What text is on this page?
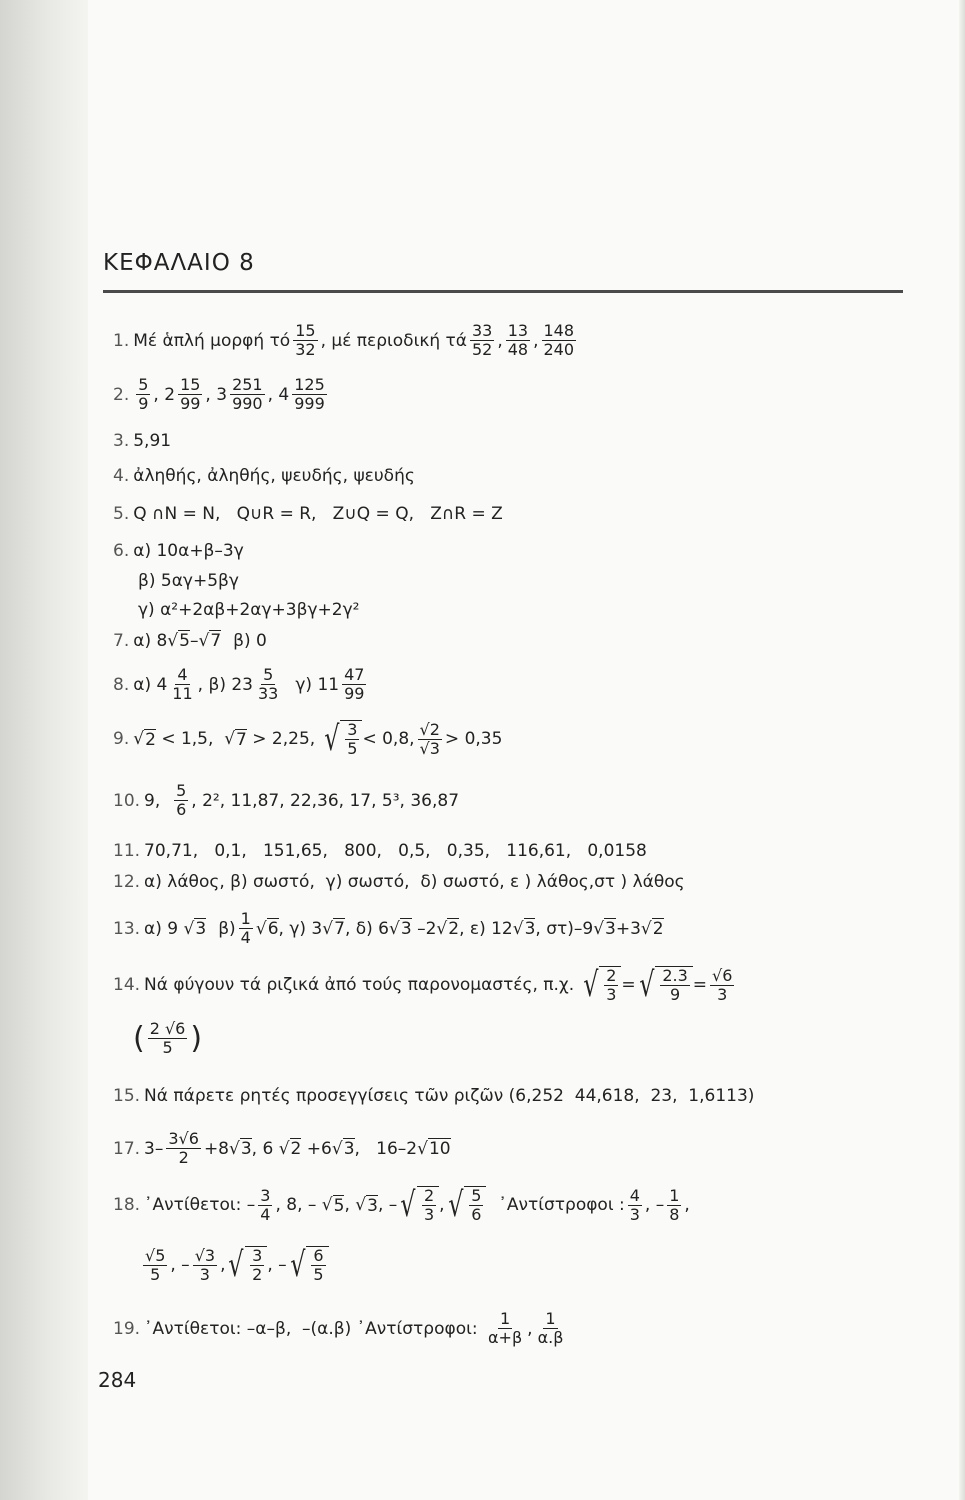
ΚΕΦΑΛΑΙΟ 8
1. Μέ ἁπλή μορφή τό $\frac{15}{32}$ , μέ περιοδική τά $\frac{33}{52}$ , $\frac{13}{48}$ , $\frac{148}{240}$
2. $\frac{5}{9}$ , $2 \frac{15}{99}$ , $3 \frac{251}{990}$ , $4 \frac{125}{999}$
3. 5,91
4. ἀληθής, ἀληθής, ψευδής, ψευδής
5. Q ∩N = N,   Q∪R = R,   Z∪Q = Q,   Z∩R = Z
6. α) 10α+β–3γ
β) 5αγ+5βγ
γ) α²+2αβ+2αγ+3βγ+2γ²
7. α) 8 √ 5 – √ 7 β) 0
8. α) $4 \frac{4}{11}$ , β) $23 \frac{5}{33} \gamma$) $11 \frac{47}{99}$
9. √ 2
< 1,5, √ 7
> 2,25,
√ $\frac{3}{5} < 0,8$, $\frac{√2}{√3} > 0,35$
10. 9,
$\frac{5}{6}$ , 2², 11,87, 22,36, 17, 5³, 36,87
11. 70,71,   0,1,   151,65,   800,   0,5,   0,35,   116,61,   0,0158
12. α) λάθος, β) σωστό,  γ) σωστό,  δ) σωστό, ε ) λάθος,στ ) λάθος
13. α) 9 √ 3 $\beta) \frac{1}{4}$ √ 6 , γ) 3 √ 7 , δ) 6 √ 3
–2 √ 2 , ε) 12 √ 3 , στ)–9 √ 3 +3 √ 2
14. Νά φύγουν τά ριζικά ἀπό τούς παρονομαστές, π.χ.
√ $\frac{2}{3}$ = √ $\frac{2.3}{9} = \frac{√6}{3}$
( $\frac{2 √6}{5}$ )
15. Νά πάρετε ρητές προσεγγίσεις τῶν ριζῶν (6,252  44,618,  23,  1,6113)
17. $3- \frac{3√6}{2} +8$ √ 3 , 6 √ 2
+6 √ 3 ,   16–2 √ 10
18. ᾿Αντίθετοι: – $\frac{3}{4}$ , 8, – √ 5 , √ 3 , – √ $\frac{2}{3}$ , √ $\frac{5}{6}$ ᾿Αντίστροφοι : $\frac{4}{3}$ , – $\frac{1}{8}$ ,
$\frac{√5}{5}$ , – $\frac{√3}{3}$ , √ $\frac{3}{2}$ , – √ $\frac{6}{5}$
19. ᾿Αντίθετοι: –α–β,  –(α.β) ᾿Αντίστροφοι:
$\frac{1}{\alpha+\beta}$ , $\frac{1}{\alpha.\beta}$
284
